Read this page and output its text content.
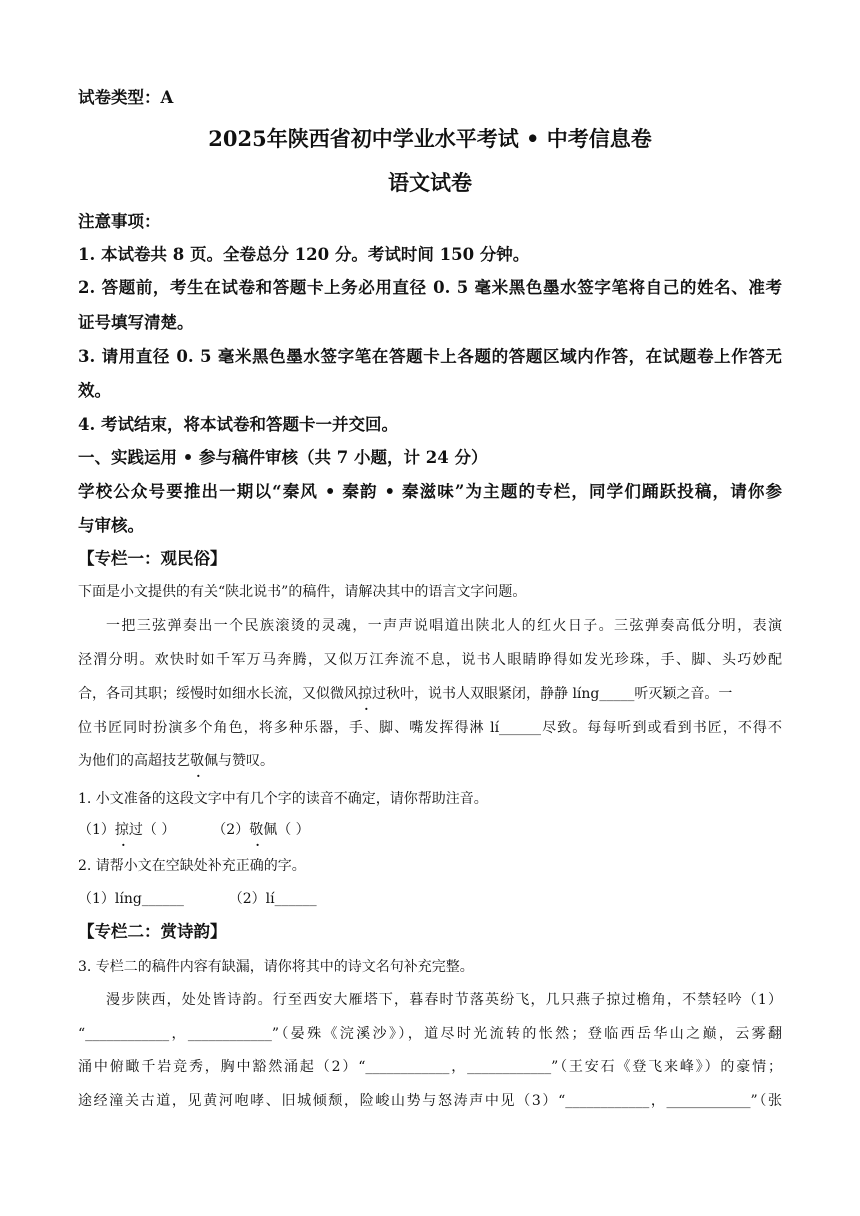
试卷类型：A
2025年陕西省初中学业水平考试 • 中考信息卷
语文试卷
注意事项：
1. 本试卷共 8 页。全卷总分 120 分。考试时间 150 分钟。
2. 答题前，考生在试卷和答题卡上务必用直径 0. 5 毫米黑色墨水签字笔将自己的姓名、准考
证号填写清楚。
3. 请用直径 0. 5 毫米黑色墨水签字笔在答题卡上各题的答题区域内作答，在试题卷上作答无
效。
4. 考试结束，将本试卷和答题卡一并交回。
一、实践运用 • 参与稿件审核（共 7 小题，计 24 分）
学校公众号要推出一期以“秦风 • 秦韵 • 秦滋味”为主题的专栏，同学们踊跃投稿，请你参
与审核。
【专栏一：观民俗】
下面是小文提供的有关“陕北说书”的稿件，请解决其中的语言文字问题。
一把三弦弹奏出一个民族滚烫的灵魂，一声声说唱道出陕北人的红火日子。三弦弹奏高低分明，表演
泾渭分明。欢快时如千军万马奔腾，又似万江奔流不息，说书人眼睛睁得如发光珍珠，手、脚、头巧妙配
合，各司其职；绥慢时如细水长流，又似微风掠过秋叶，说书人双眼紧闭，静静 líng_____听灭颖之音。一
位书匠同时扮演多个角色，将多种乐器，手、脚、嘴发挥得淋 lí______尽致。每每听到或看到书匠，不得不
为他们的高超技艺敬佩与赞叹。
1. 小文准备的这段文字中有几个字的读音不确定，请你帮助注音。
（1）掠过（ ）	（2）敬佩（ ）
2. 请帮小文在空缺处补充正确的字。
（1）líng______	（2）lí______
【专栏二：赏诗韵】
3. 专栏二的稿件内容有缺漏，请你将其中的诗文名句补充完整。
漫步陕西，处处皆诗韵。行至西安大雁塔下，暮春时节落英纷飞，几只燕子掠过檐角，不禁轻吟（1）
“____________，____________”（晏殊《浣溪沙》），道尽时光流转的怅然；登临西岳华山之巅，云雾翻
涌中俯瞰千岩竞秀，胸中豁然涌起（2）“____________，____________”（王安石《登飞来峰》）的豪情；
途经潼关古道，见黄河咆哮、旧城倾颓，险峻山势与怒涛声中见（3）“____________，____________”（张
